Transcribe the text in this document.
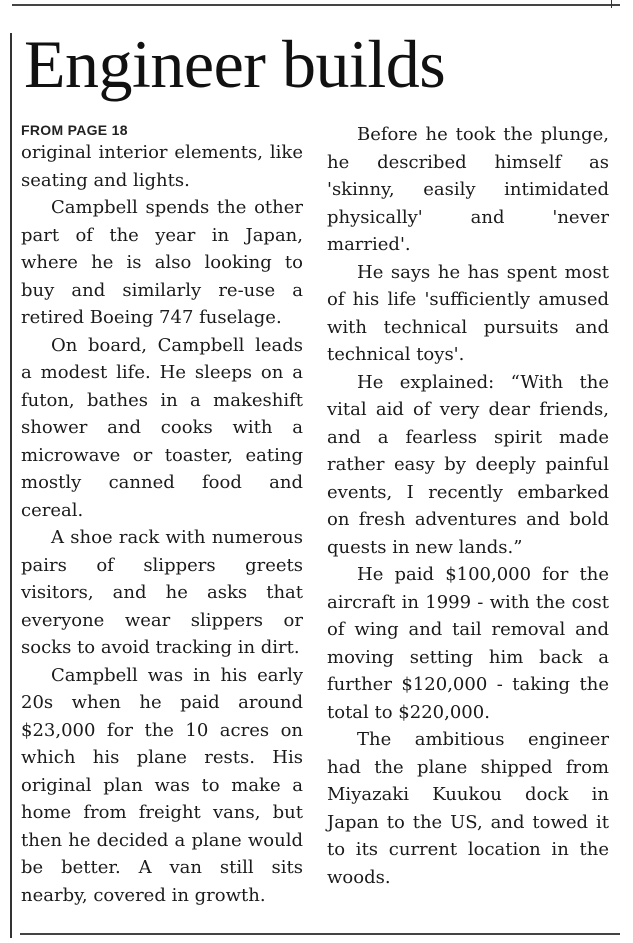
Engineer builds
FROM PAGE 18

original interior elements, like seating and lights.

Campbell spends the other part of the year in Japan, where he is also looking to buy and similarly re-use a retired Boeing 747 fuselage.

On board, Campbell leads a modest life. He sleeps on a futon, bathes in a makeshift shower and cooks with a microwave or toaster, eating mostly canned food and cereal.

A shoe rack with numerous pairs of slippers greets visitors, and he asks that everyone wear slippers or socks to avoid tracking in dirt.

Campbell was in his early 20s when he paid around $23,000 for the 10 acres on which his plane rests. His original plan was to make a home from freight vans, but then he decided a plane would be better. A van still sits nearby, covered in growth.

Before he took the plunge, he described himself as 'skinny, easily intimidated physically' and 'never married'.

He says he has spent most of his life 'sufficiently amused with technical pursuits and technical toys'.

He explained: “With the vital aid of very dear friends, and a fearless spirit made rather easy by deeply painful events, I recently embarked on fresh adventures and bold quests in new lands.”

He paid $100,000 for the aircraft in 1999 - with the cost of wing and tail removal and moving setting him back a further $120,000 - taking the total to $220,000.

The ambitious engineer had the plane shipped from Miyazaki Kuukou dock in Japan to the US, and towed it to its current location in the woods.
